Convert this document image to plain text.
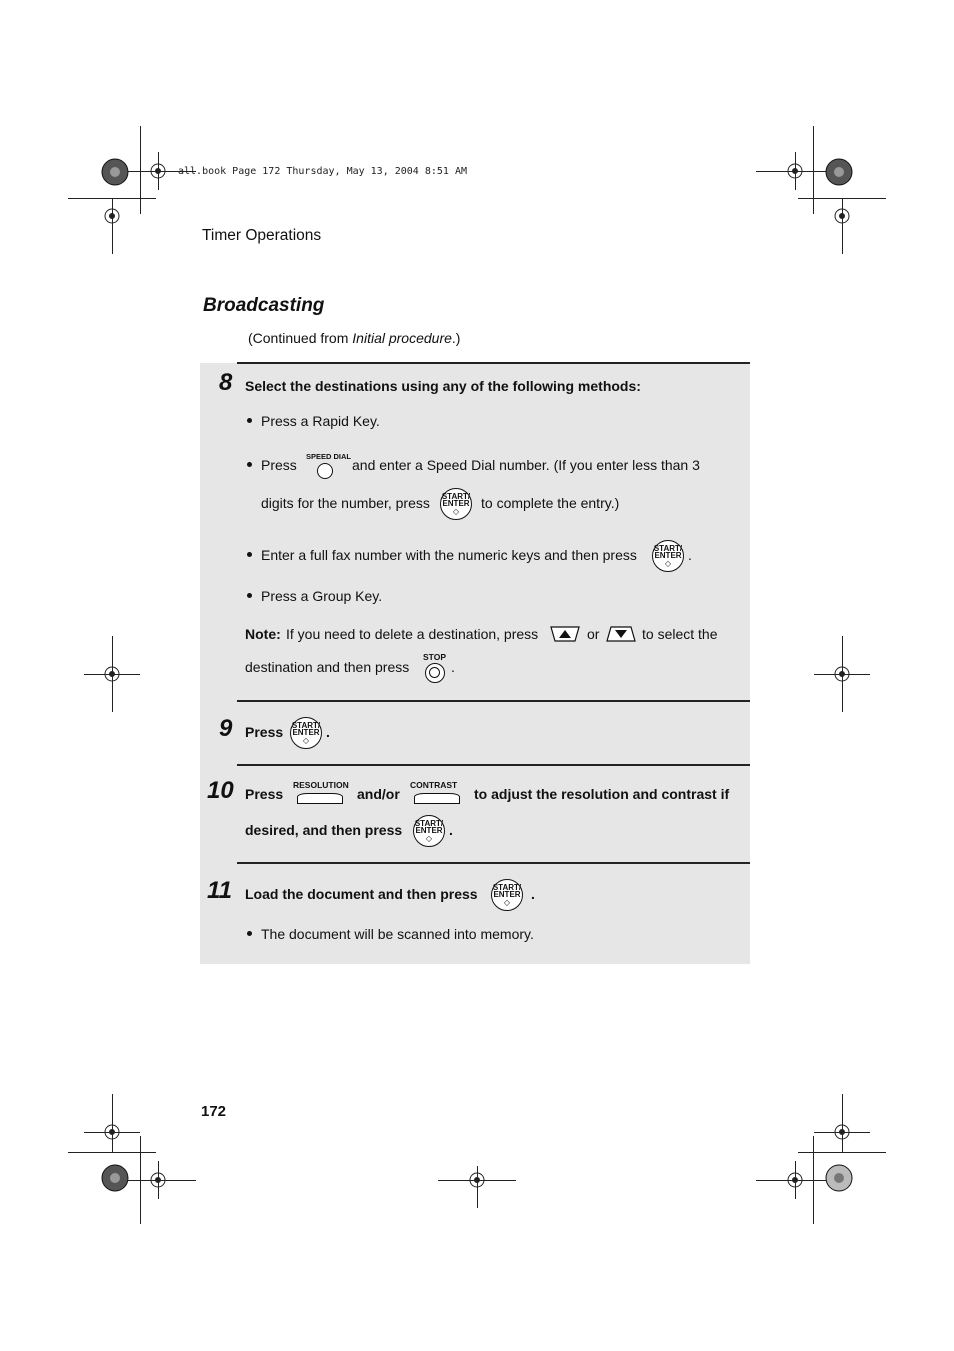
all.book Page 172 Thursday, May 13, 2004 8:51 AM
Timer Operations
Broadcasting
(Continued from Initial procedure.)
8 Select the destinations using any of the following methods:
Press a Rapid Key.
Press
SPEED DIAL
and enter a Speed Dial number. (If you enter less than 3
digits for the number, press START/
ENTER
◇
to complete the entry.)
Enter a full fax number with the numeric keys and then press START/
ENTER
◇
.
Press a Group Key.
Note: If you need to delete a destination, press	or	to select the
destination and then press
STOP
.
9 Press START/
ENTER
◇
.
10 Press
RESOLUTION
and/or
CONTRAST
to adjust the resolution and contrast if
desired, and then press START/
ENTER
◇
.
11 Load the document and then press START/
ENTER
◇
.
The document will be scanned into memory.
172
